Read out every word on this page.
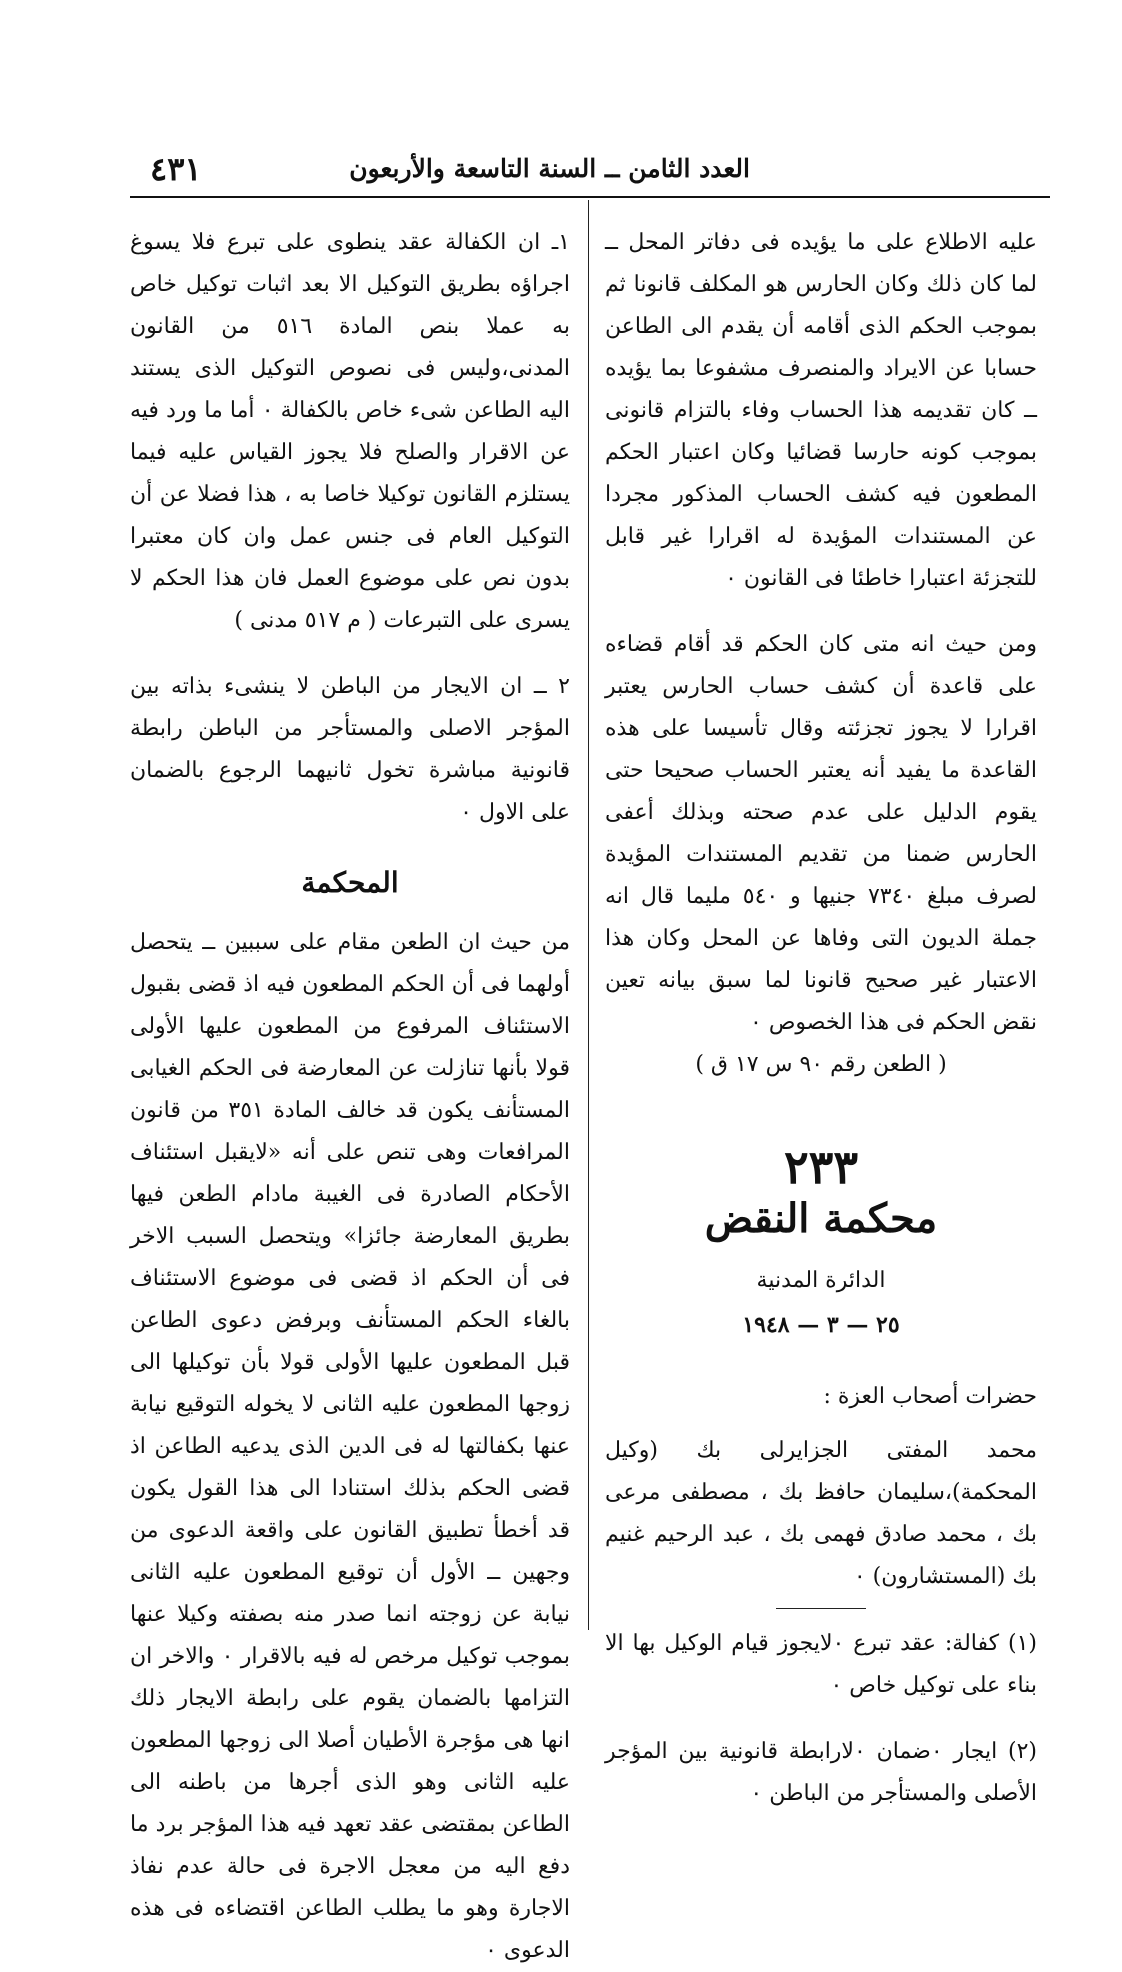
٤٣١	العدد الثامن ــ السنة التاسعة والأربعون

عليه الاطلاع على ما يؤيده فى دفاتر المحل ــ لما كان ذلك وكان الحارس هو المكلف قانونا ثم بموجب الحكم الذى أقامه أن يقدم الى الطاعن حسابا عن الايراد والمنصرف مشفوعا بما يؤيده ــ كان تقديمه هذا الحساب وفاء بالتزام قانونى بموجب كونه حارسا قضائيا وكان اعتبار الحكم المطعون فيه كشف الحساب المذكور مجردا عن المستندات المؤيدة له اقرارا غير قابل للتجزئة اعتبارا خاطئا فى القانون ٠

ومن حيث انه متى كان الحكم قد أقام قضاءه على قاعدة أن كشف حساب الحارس يعتبر اقرارا لا يجوز تجزئته وقال تأسيسا على هذه القاعدة ما يفيد أنه يعتبر الحساب صحيحا حتى يقوم الدليل على عدم صحته وبذلك أعفى الحارس ضمنا من تقديم المستندات المؤيدة لصرف مبلغ ٧٣٤٠ جنيها و ٥٤٠ مليما قال انه جملة الديون التى وفاها عن المحل وكان هذا الاعتبار غير صحيح قانونا لما سبق بيانه تعين نقض الحكم فى هذا الخصوص ٠

( الطعن رقم ٩٠ س ١٧ ق )

٢٣٣
محكمة النقض
الدائرة المدنية
٢٥ — ٣ — ١٩٤٨

حضرات أصحاب العزة :

محمد المفتى الجزايرلى بك (وكيل المحكمة)،سليمان حافظ بك ، مصطفى مرعى بك ، محمد صادق فهمى بك ، عبد الرحيم غنيم بك (المستشارون) ٠

(١) كفالة: عقد تبرع ٠لايجوز قيام الوكيل بها الا بناء على توكيل خاص ٠

(٢) ايجار ٠ضمان ٠لارابطة قانونية بين المؤجر الأصلى والمستأجر من الباطن ٠

١ـ ان الكفالة عقد ينطوى على تبرع فلا يسوغ اجراؤه بطريق التوكيل الا بعد اثبات توكيل خاص به عملا بنص المادة ٥١٦ من القانون المدنى،وليس فى نصوص التوكيل الذى يستند اليه الطاعن شىء خاص بالكفالة ٠ أما ما ورد فيه عن الاقرار والصلح فلا يجوز القياس عليه فيما يستلزم القانون توكيلا خاصا به ، هذا فضلا عن أن التوكيل العام فى جنس عمل وان كان معتبرا بدون نص على موضوع العمل فان هذا الحكم لا يسرى على التبرعات ( م ٥١٧ مدنى )

٢ ــ ان الايجار من الباطن لا ينشىء بذاته بين المؤجر الاصلى والمستأجر من الباطن رابطة قانونية مباشرة تخول ثانيهما الرجوع بالضمان على الاول ٠

المحكمة

من حيث ان الطعن مقام على سببين ــ يتحصل أولهما فى أن الحكم المطعون فيه اذ قضى بقبول الاستئناف المرفوع من المطعون عليها الأولى قولا بأنها تنازلت عن المعارضة فى الحكم الغيابى المستأنف يكون قد خالف المادة ٣٥١ من قانون المرافعات وهى تنص على أنه «لايقبل استئناف الأحكام الصادرة فى الغيبة مادام الطعن فيها بطريق المعارضة جائزا» ويتحصل السبب الاخر فى أن الحكم اذ قضى فى موضوع الاستئناف بالغاء الحكم المستأنف وبرفض دعوى الطاعن قبل المطعون عليها الأولى قولا بأن توكيلها الى زوجها المطعون عليه الثانى لا يخوله التوقيع نيابة عنها بكفالتها له فى الدين الذى يدعيه الطاعن اذ قضى الحكم بذلك استنادا الى هذا القول يكون قد أخطأ تطبيق القانون على واقعة الدعوى من وجهين ــ الأول أن توقيع المطعون عليه الثانى نيابة عن زوجته انما صدر منه بصفته وكيلا عنها بموجب توكيل مرخص له فيه بالاقرار ٠ والاخر ان التزامها بالضمان يقوم على رابطة الايجار ذلك انها هى مؤجرة الأطيان أصلا الى زوجها المطعون عليه الثانى وهو الذى أجرها من باطنه الى الطاعن بمقتضى عقد تعهد فيه هذا المؤجر برد ما دفع اليه من معجل الاجرة فى حالة عدم نفاذ الاجارة وهو ما يطلب الطاعن اقتضاءه فى هذه الدعوى ٠
